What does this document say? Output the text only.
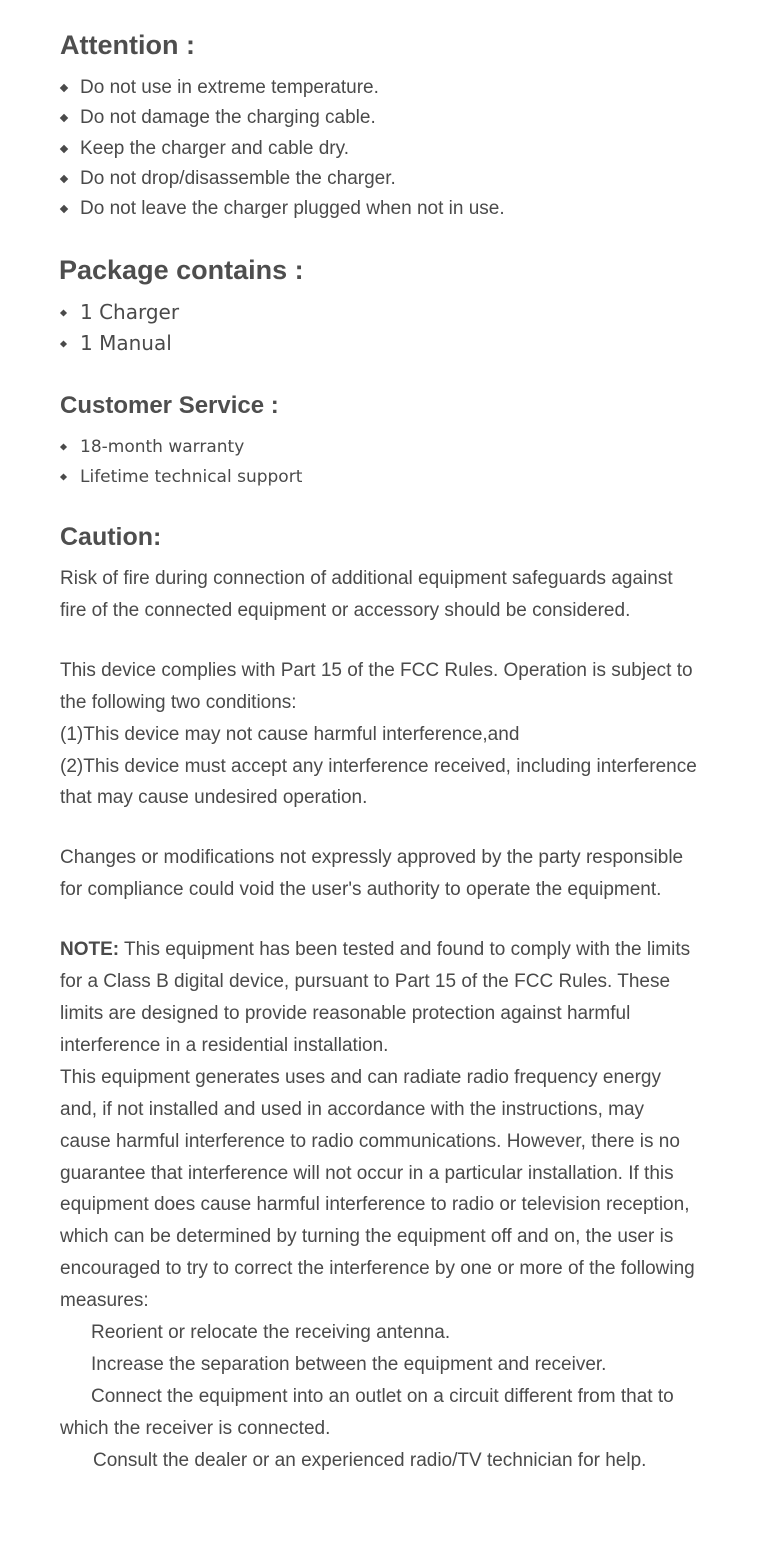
Attention :
Do not use in extreme temperature.
Do not damage the charging cable.
Keep the charger and cable dry.
Do not drop/disassemble the charger.
Do not leave the charger plugged when not in use.
Package contains :
1 Charger
1 Manual
Customer Service :
18-month warranty
Lifetime technical support
Caution:

Risk of fire during connection of additional equipment safeguards against

fire of the connected equipment or accessory should be considered.

This device complies with Part 15 of the FCC Rules. Operation is subject to

the following two conditions:

(1)This device may not cause harmful interference,and

(2)This device must accept any interference received, including interference

that may cause undesired operation.

Changes or modifications not expressly approved by the party responsible

for compliance could void the user's authority to operate the equipment.

NOTE: This equipment has been tested and found to comply with the limits

for a Class B digital device, pursuant to Part 15 of the FCC Rules. These

limits are designed to provide reasonable protection against harmful

interference in a residential installation.

This equipment generates uses and can radiate radio frequency energy

and, if not installed and used in accordance with the instructions, may

cause harmful interference to radio communications. However, there is no

guarantee that interference will not occur in a particular installation. If this

equipment does cause harmful interference to radio or television reception,

which can be determined by turning the equipment off and on, the user is

encouraged to try to correct the interference by one or more of the following

measures:

Reorient or relocate the receiving antenna.

Increase the separation between the equipment and receiver.

Connect the equipment into an outlet on a circuit different from that to

which the receiver is connected.

Consult the dealer or an experienced radio/TV technician for help.
